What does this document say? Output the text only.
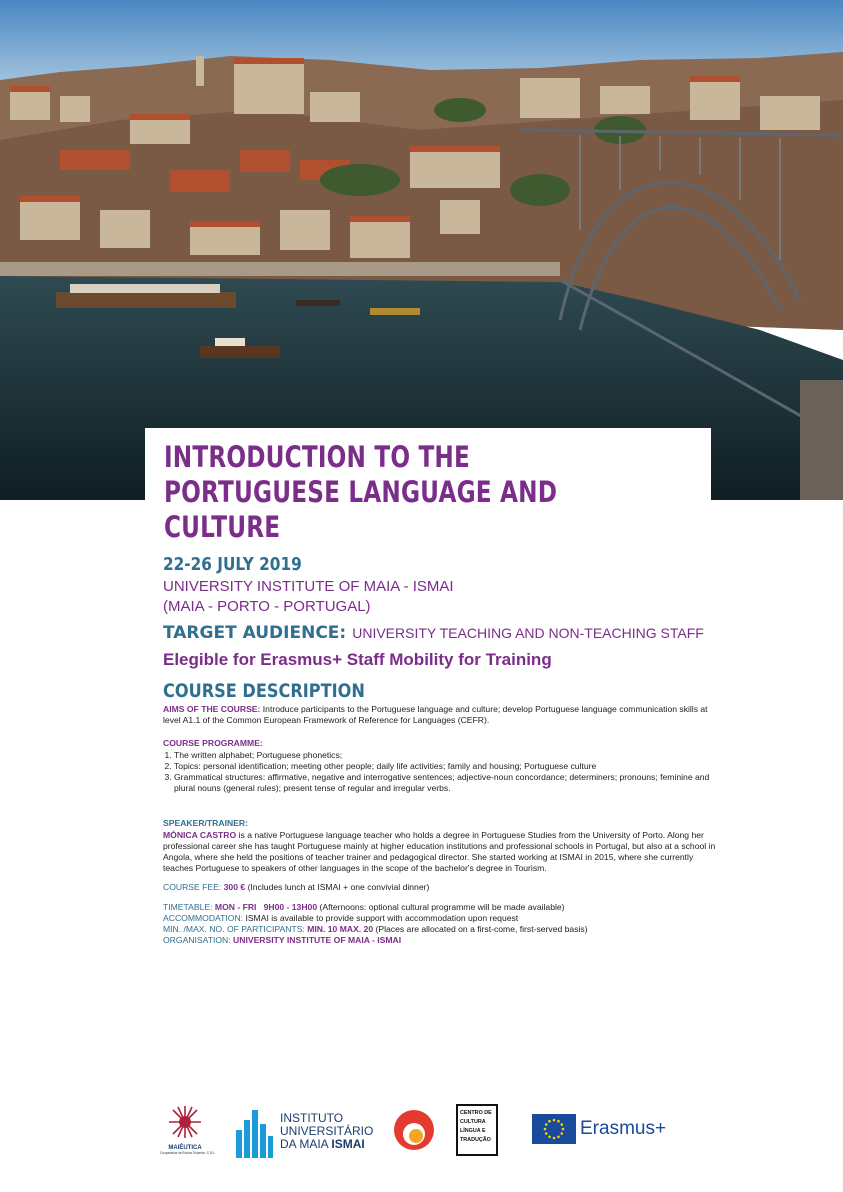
INTRODUCTION TO THE PORTUGUESE LANGUAGE AND CULTURE
22-26 JULY 2019
UNIVERSITY INSTITUTE OF MAIA - ISMAI
(MAIA - PORTO - PORTUGAL)
TARGET AUDIENCE: UNIVERSITY TEACHING AND NON-TEACHING STAFF
Elegible for Erasmus+ Staff Mobility for Training
COURSE DESCRIPTION
AIMS OF THE COURSE: Introduce participants to the Portuguese language and culture; develop Portuguese language communication skills at level A1.1 of the Common European Framework of Reference for Languages (CEFR).
COURSE PROGRAMME:
1. The written alphabet; Portuguese phonetics;
2. Topics: personal identification; meeting other people; daily life activities; family and housing; Portuguese culture
3. Grammatical structures: affirmative, negative and interrogative sentences; adjective-noun concordance; determiners; pronouns; feminine and plural nouns (general rules); present tense of regular and irregular verbs.
SPEAKER/TRAINER:
MÓNICA CASTRO is a native Portuguese language teacher who holds a degree in Portuguese Studies from the University of Porto. Along her professional career she has taught Portuguese mainly at higher education institutions and professional schools in Portugal, but also at a school in Angola, where she held the positions of teacher trainer and pedagogical director. She started working at ISMAI in 2015, where she currently teaches Portuguese to speakers of other languages in the scope of the bachelor's degree in Tourism.
COURSE FEE: 300 € (Includes lunch at ISMAI + one convivial dinner)
TIMETABLE: MON - FRI   9H00 - 13H00 (Afternoons: optional cultural programme will be made available)
ACCOMMODATION: ISMAI is available to provide support with accommodation upon request
MIN. /MAX. NO. OF PARTICIPANTS: MIN. 10 MAX. 20 (Places are allocated on a first-come, first-served basis)
ORGANISATION: UNIVERSITY INSTITUTE OF MAIA - ISMAI
MAIÊUTICA
Cooperativa de Ensino Superior, C.R.L.
INSTITUTO
UNIVERSITÁRIO
DA MAIA ISMAI
CENTRO DE
CULTURA
LÍNGUA E
TRADUÇÃO
Erasmus+
